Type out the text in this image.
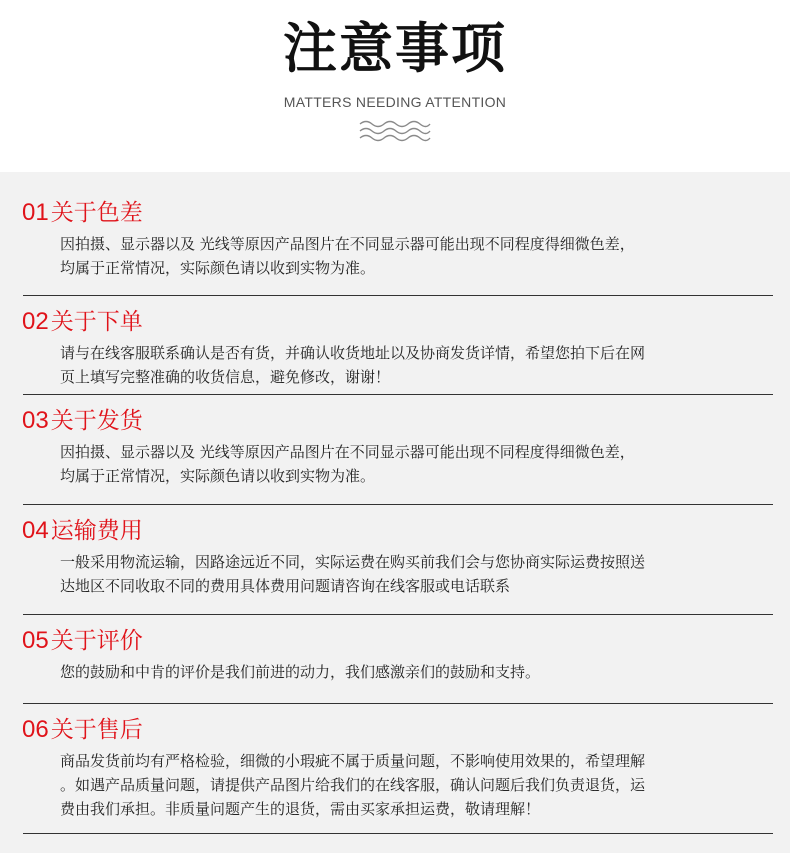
注意事项
MATTERS NEEDING ATTENTION
01关于色差

因拍摄、显示器以及 光线等原因产品图片在不同显示器可能出现不同程度得细微色差，

均属于正常情况，实际颜色请以收到实物为准。

02关于下单

请与在线客服联系确认是否有货，并确认收货地址以及协商发货详情，希望您拍下后在网

页上填写完整准确的收货信息，避免修改，谢谢！

03关于发货

因拍摄、显示器以及 光线等原因产品图片在不同显示器可能出现不同程度得细微色差，

均属于正常情况，实际颜色请以收到实物为准。

04运输费用

一般采用物流运输，因路途远近不同，实际运费在购买前我们会与您协商实际运费按照送

达地区不同收取不同的费用具体费用问题请咨询在线客服或电话联系

05关于评价

您的鼓励和中肯的评价是我们前进的动力，我们感激亲们的鼓励和支持。

06关于售后

商品发货前均有严格检验，细微的小瑕疵不属于质量问题，不影响使用效果的，希望理解

。如遇产品质量问题，请提供产品图片给我们的在线客服，确认问题后我们负责退货，运

费由我们承担。非质量问题产生的退货，需由买家承担运费，敬请理解！
